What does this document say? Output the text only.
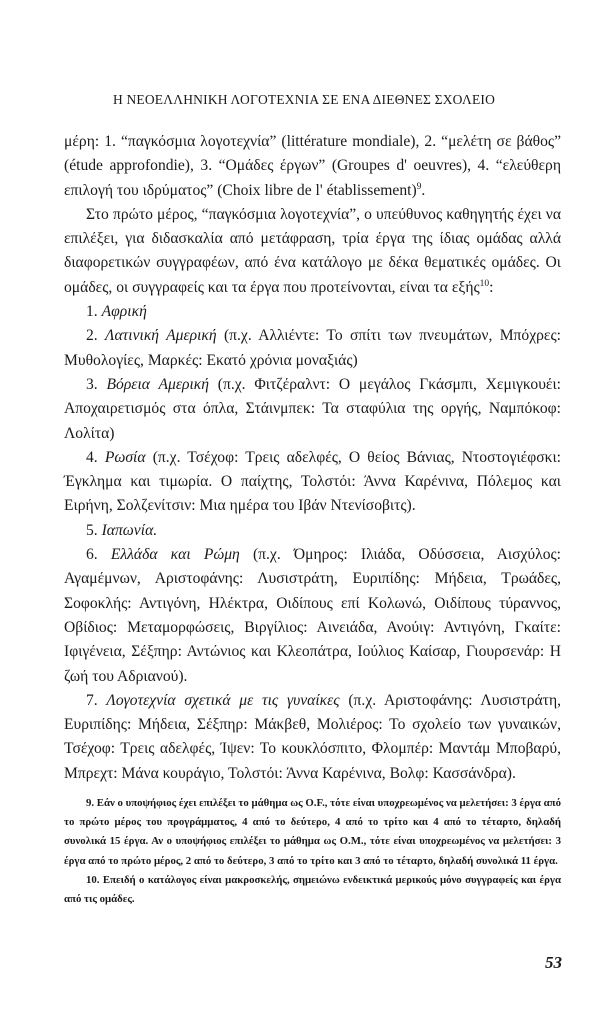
Η ΝΕΟΕΛΛΗΝΙΚΗ ΛΟΓΟΤΕΧΝΙΑ ΣΕ ΕΝΑ ΔΙΕΘΝΕΣ ΣΧΟΛΕΙΟ

μέρη: 1. “παγκόσμια λογοτεχνία” (littérature mondiale), 2. “μελέτη σε βάθος” (étude approfondie), 3. “Ομάδες έργων” (Groupes d' oeuvres), 4. “ελεύθερη επιλογή του ιδρύματος” (Choix libre de l' établissement)$^9$.

Στο πρώτο μέρος, “παγκόσμια λογοτεχνία”, ο υπεύθυνος καθηγητής έχει να επιλέξει, για διδασκαλία από μετάφραση, τρία έργα της ίδιας ομάδας αλλά διαφορετικών συγγραφέων, από ένα κατάλογο με δέκα θεματικές ομάδες. Οι ομάδες, οι συγγραφείς και τα έργα που προτείνονται, είναι τα εξής$^{10}$:

1. Αφρική

2. Λατινική Αμερική (π.χ. Αλλιέντε: Το σπίτι των πνευμάτων, Μπόχρες: Μυθολογίες, Μαρκές: Εκατό χρόνια μοναξιάς)

3. Βόρεια Αμερική (π.χ. Φιτζέραλντ: Ο μεγάλος Γκάσμπι, Χεμιγκουέι: Αποχαιρετισμός στα όπλα, Στάινμπεκ: Τα σταφύλια της οργής, Ναμπόκοφ: Λολίτα)

4. Ρωσία (π.χ. Τσέχοφ: Τρεις αδελφές, Ο θείος Βάνιας, Ντοστογιέφσκι: Έγκλημα και τιμωρία. Ο παίχτης, Τολστόι: Άννα Καρένινα, Πόλεμος και Ειρήνη, Σολζενίτσιν: Μια ημέρα του Ιβάν Ντενίσοβιτς).

5. Ιαπωνία.

6. Ελλάδα και Ρώμη (π.χ. Όμηρος: Ιλιάδα, Οδύσσεια, Αισχύλος: Αγαμέμνων, Αριστοφάνης: Λυσιστράτη, Ευριπίδης: Μήδεια, Τρωάδες, Σοφοκλής: Αντιγόνη, Ηλέκτρα, Οιδίπους επί Κολωνώ, Οιδίπους τύραννος, Οβίδιος: Μεταμορφώσεις, Βιργίλιος: Αινειάδα, Ανούιγ: Αντιγόνη, Γκαίτε: Ιφιγένεια, Σέξπηρ: Αντώνιος και Κλεοπάτρα, Ιούλιος Καίσαρ, Γιουρσενάρ: Η ζωή του Αδριανού).

7. Λογοτεχνία σχετικά με τις γυναίκες (π.χ. Αριστοφάνης: Λυσιστράτη, Ευριπίδης: Μήδεια, Σέξπηρ: Μάκβεθ, Μολιέρος: Το σχολείο των γυναικών, Τσέχοφ: Τρεις αδελφές, Ίψεν: Το κουκλόσπιτο, Φλομπέρ: Μαντάμ Μποβαρύ, Μπρεχτ: Μάνα κουράγιο, Τολστόι: Άννα Καρένινα, Βολφ: Κασσάνδρα).

9. Εάν ο υποψήφιος έχει επιλέξει το μάθημα ως O.F., τότε είναι υποχρεωμένος να μελετήσει: 3 έργα από το πρώτο μέρος του προγράμματος, 4 από το δεύτερο, 4 από το τρίτο και 4 από το τέταρτο, δηλαδή συνολικά 15 έργα. Αν ο υποψήφιος επιλέξει το μάθημα ως Ο.Μ., τότε είναι υποχρεωμένος να μελετήσει: 3 έργα από το πρώτο μέρος, 2 από το δεύτερο, 3 από το τρίτο και 3 από το τέταρτο, δηλαδή συνολικά 11 έργα.

10. Επειδή ο κατάλογος είναι μακροσκελής, σημειώνω ενδεικτικά μερικούς μόνο συγγραφείς και έργα από τις ομάδες.

53
